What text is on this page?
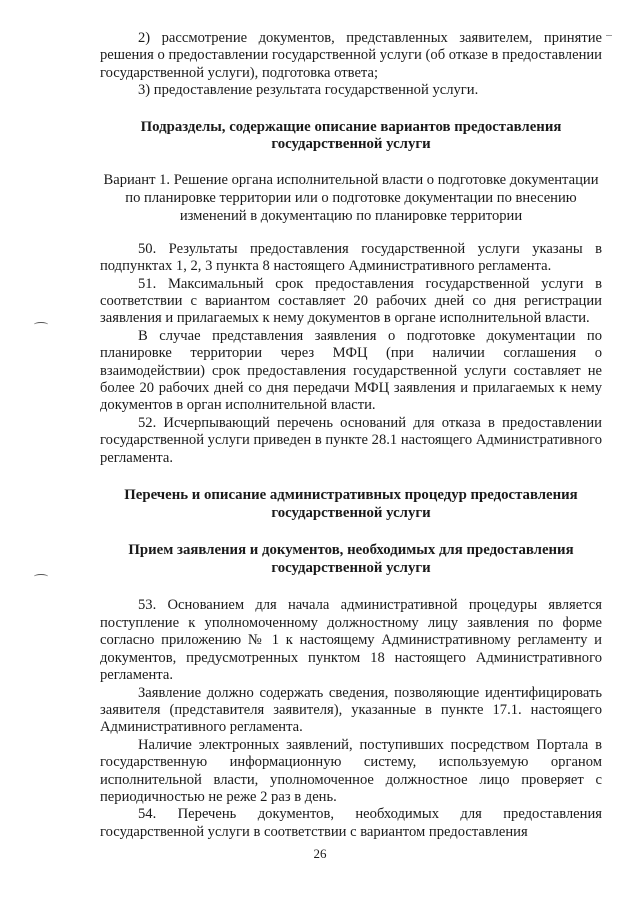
2) рассмотрение документов, представленных заявителем, принятие решения о предоставлении государственной услуги (об отказе в предоставлении государственной услуги), подготовка ответа;

3) предоставление результата государственной услуги.

Подразделы, содержащие описание вариантов предоставления государственной услуги

Вариант 1. Решение органа исполнительной власти о подготовке документации по планировке территории или о подготовке документации по внесению изменений в документацию по планировке территории

50. Результаты предоставления государственной услуги указаны в подпунктах 1, 2, 3 пункта 8 настоящего Административного регламента.

51. Максимальный срок предоставления государственной услуги в соответствии с вариантом составляет 20 рабочих дней со дня регистрации заявления и прилагаемых к нему документов в органе исполнительной власти.

В случае представления заявления о подготовке документации по планировке территории через МФЦ (при наличии соглашения о взаимодействии) срок предоставления государственной услуги составляет не более 20 рабочих дней со дня передачи МФЦ заявления и прилагаемых к нему документов в орган исполнительной власти.

52. Исчерпывающий перечень оснований для отказа в предоставлении государственной услуги приведен в пункте 28.1 настоящего Административного регламента.

Перечень и описание административных процедур предоставления государственной услуги

Прием заявления и документов, необходимых для предоставления государственной услуги

53. Основанием для начала административной процедуры является поступление к уполномоченному должностному лицу заявления по форме согласно приложению № 1 к настоящему Административному регламенту и документов, предусмотренных пунктом 18 настоящего Административного регламента.

Заявление должно содержать сведения, позволяющие идентифицировать заявителя (представителя заявителя), указанные в пункте 17.1. настоящего Административного регламента.

Наличие электронных заявлений, поступивших посредством Портала в государственную информационную систему, используемую органом исполнительной власти, уполномоченное должностное лицо проверяет с периодичностью не реже 2 раз в день.

54. Перечень документов, необходимых для предоставления государственной услуги в соответствии с вариантом предоставления

26
